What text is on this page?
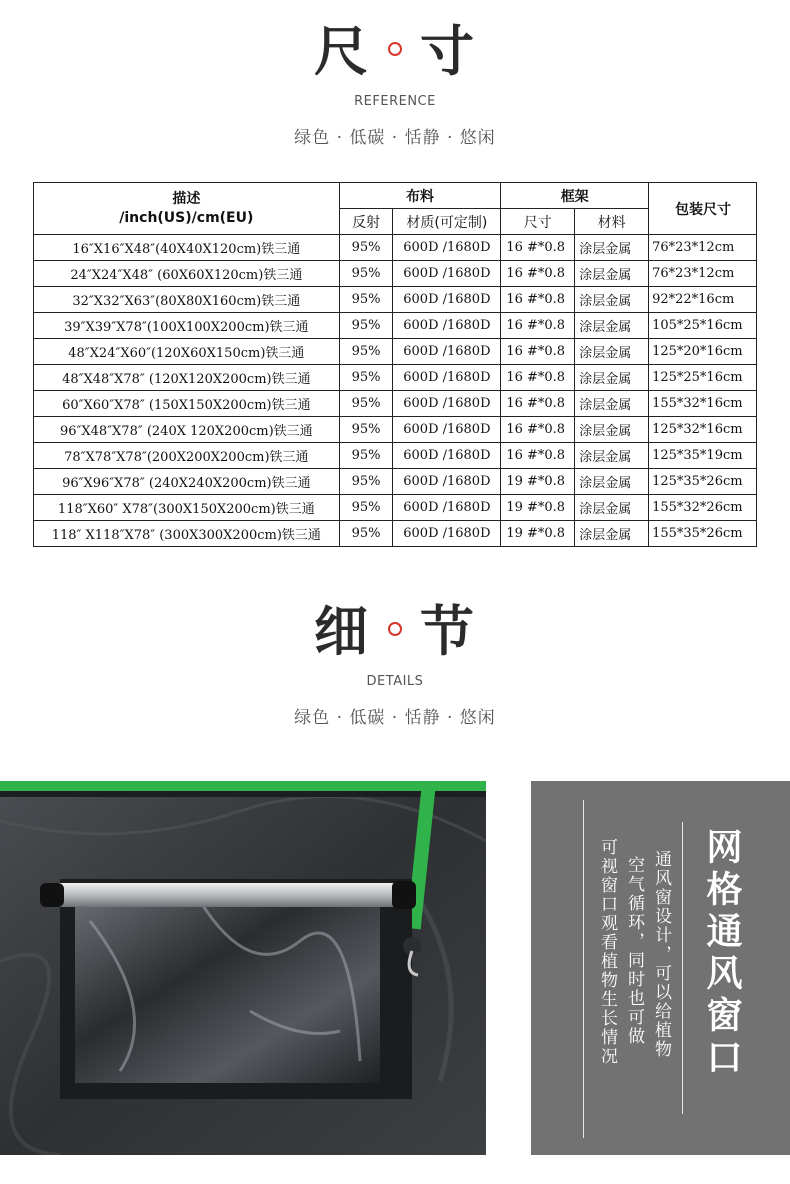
尺 寸
REFERENCE
绿色 · 低碳 · 恬静 · 悠闲
描述
/inch(US)/cm(EU)	布料		框架		包装尺寸
	反射	材质(可定制)	尺寸	材料	
16″X16″X48″(40X40X120cm)铁三通	95%	600D /1680D	16 #*0.8	涂层金属	76*23*12cm
24″X24″X48″ (60X60X120cm)铁三通	95%	600D /1680D	16 #*0.8	涂层金属	76*23*12cm
32″X32″X63″(80X80X160cm)铁三通	95%	600D /1680D	16 #*0.8	涂层金属	92*22*16cm
39″X39″X78″(100X100X200cm)铁三通	95%	600D /1680D	16 #*0.8	涂层金属	105*25*16cm
48″X24″X60″(120X60X150cm)铁三通	95%	600D /1680D	16 #*0.8	涂层金属	125*20*16cm
48″X48″X78″ (120X120X200cm)铁三通	95%	600D /1680D	16 #*0.8	涂层金属	125*25*16cm
60″X60″X78″ (150X150X200cm)铁三通	95%	600D /1680D	16 #*0.8	涂层金属	155*32*16cm
96″X48″X78″ (240X 120X200cm)铁三通	95%	600D /1680D	16 #*0.8	涂层金属	125*32*16cm
78″X78″X78″(200X200X200cm)铁三通	95%	600D /1680D	16 #*0.8	涂层金属	125*35*19cm
96″X96″X78″ (240X240X200cm)铁三通	95%	600D /1680D	19 #*0.8	涂层金属	125*35*26cm
118″X60″ X78″(300X150X200cm)铁三通	95%	600D /1680D	19 #*0.8	涂层金属	155*32*26cm
118″ X118″X78″ (300X300X200cm)铁三通	95%	600D /1680D	19 #*0.8	涂层金属	155*35*26cm
细 节
DETAILS
绿色 · 低碳 · 恬静 · 悠闲
网格通风窗口
通风窗设计，可以给植物
空气循环，同时也可做
可视窗口观看植物生长情况
